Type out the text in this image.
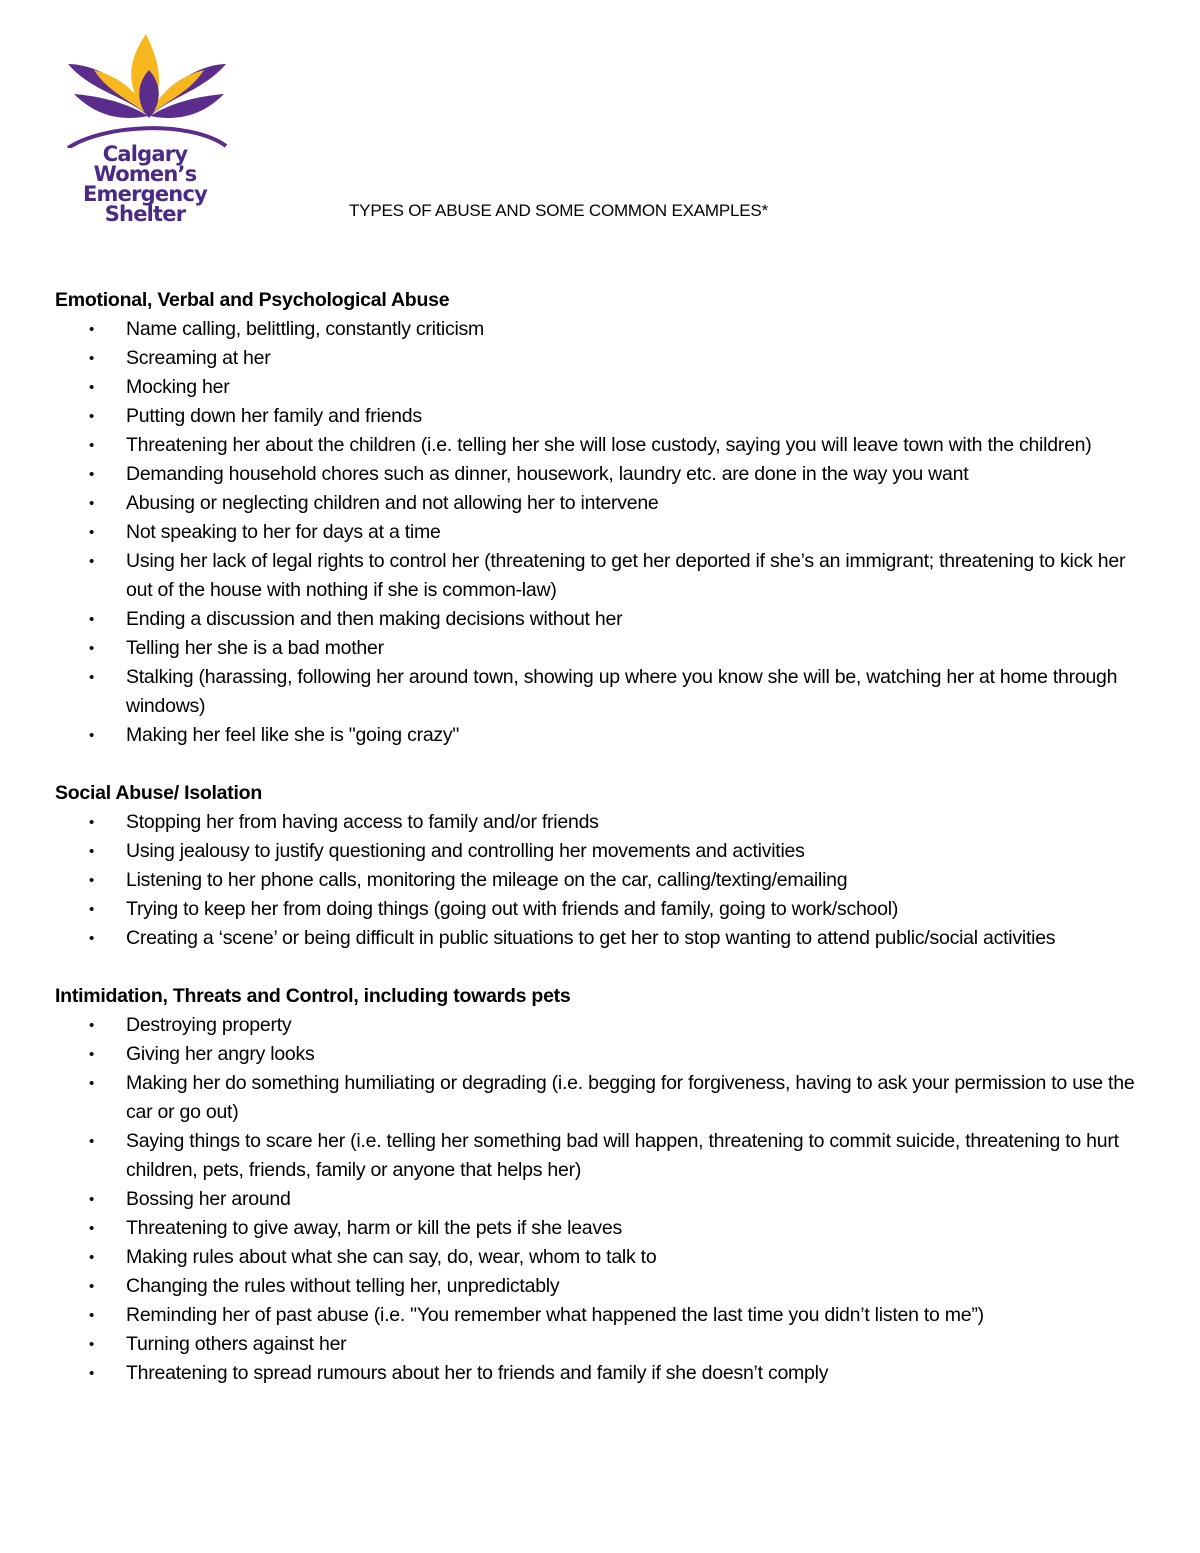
Calgary
Women’s
Emergency
Shelter	TYPES OF ABUSE AND SOME COMMON EXAMPLES*
Emotional, Verbal and Psychological Abuse
• Name calling, belittling, constantly criticism
• Screaming at her
• Mocking her
• Putting down her family and friends
• Threatening her about the children (i.e. telling her she will lose custody, saying you will leave town with the children)
• Demanding household chores such as dinner, housework, laundry etc. are done in the way you want
• Abusing or neglecting children and not allowing her to intervene
• Not speaking to her for days at a time
• Using her lack of legal rights to control her (threatening to get her deported if she’s an immigrant; threatening to kick her out of the house with nothing if she is common-law)
• Ending a discussion and then making decisions without her
• Telling her she is a bad mother
• Stalking (harassing, following her around town, showing up where you know she will be, watching her at home through windows)
• Making her feel like she is "going crazy"
Social Abuse/ Isolation
• Stopping her from having access to family and/or friends
• Using jealousy to justify questioning and controlling her movements and activities
• Listening to her phone calls, monitoring the mileage on the car, calling/texting/emailing
• Trying to keep her from doing things (going out with friends and family, going to work/school)
• Creating a ‘scene’ or being difficult in public situations to get her to stop wanting to attend public/social activities
Intimidation, Threats and Control, including towards pets
• Destroying property
• Giving her angry looks
• Making her do something humiliating or degrading (i.e. begging for forgiveness, having to ask your permission to use the car or go out)
• Saying things to scare her (i.e. telling her something bad will happen, threatening to commit suicide, threatening to hurt children, pets, friends, family or anyone that helps her)
• Bossing her around
• Threatening to give away, harm or kill the pets if she leaves
• Making rules about what she can say, do, wear, whom to talk to
• Changing the rules without telling her, unpredictably
• Reminding her of past abuse (i.e. "You remember what happened the last time you didn’t listen to me”)
• Turning others against her
• Threatening to spread rumours about her to friends and family if she doesn’t comply
